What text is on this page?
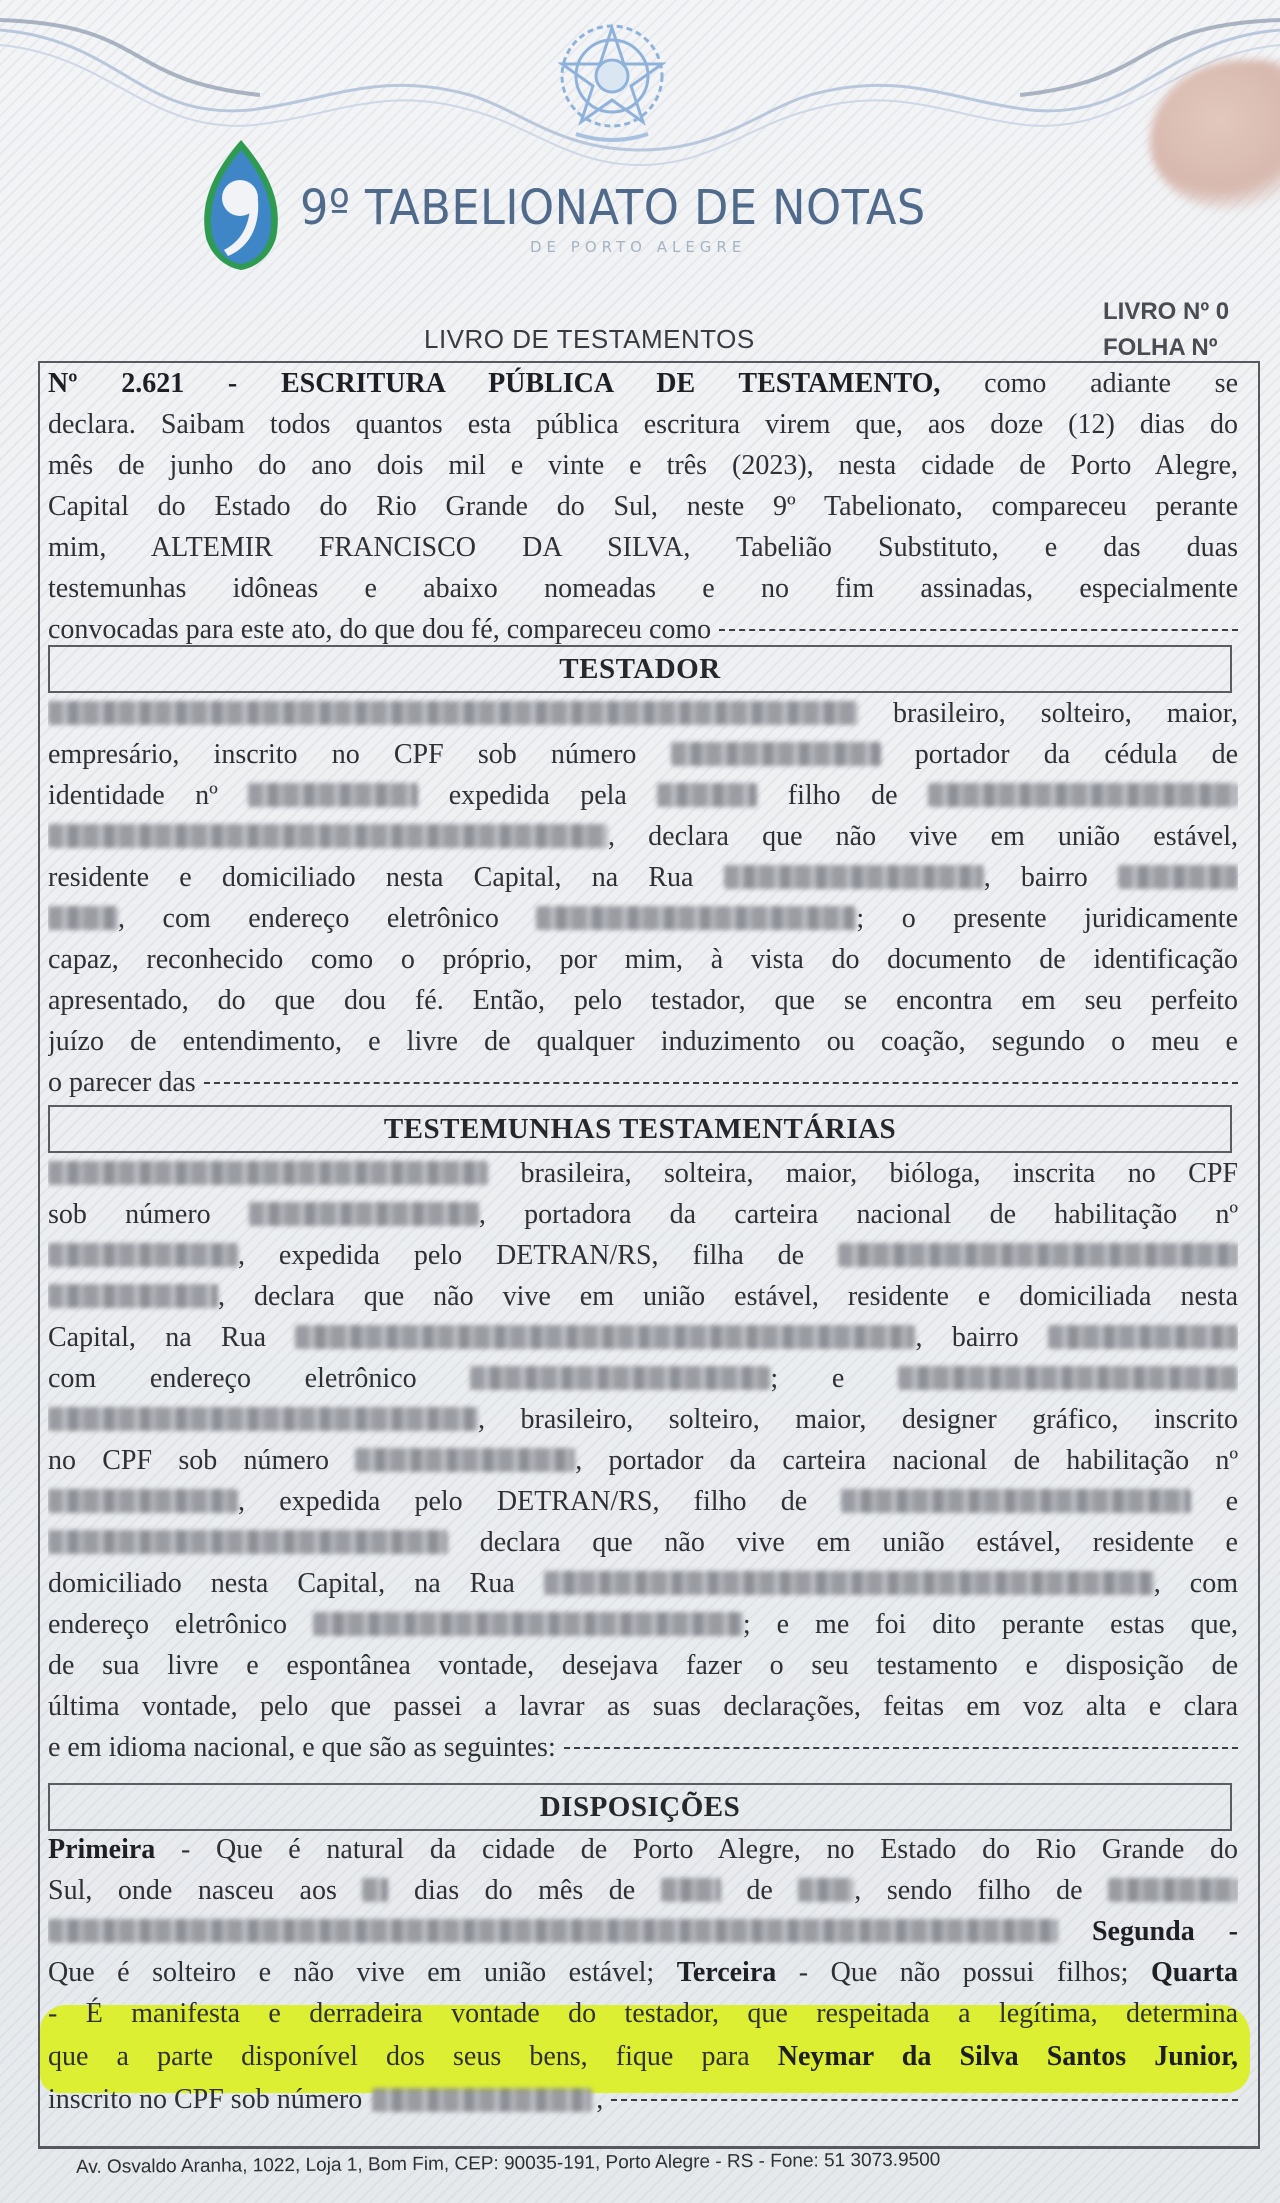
9º TABELIONATO DE NOTAS
DE PORTO ALEGRE
LIVRO DE TESTAMENTOS
LIVRO Nº 0
FOLHA Nº
Nº 2.621 - ESCRITURA PÚBLICA DE TESTAMENTO, como adiante se
declara. Saibam todos quantos esta pública escritura virem que, aos doze (12) dias do
mês de junho do ano dois mil e vinte e três (2023), nesta cidade de Porto Alegre,
Capital do Estado do Rio Grande do Sul, neste 9º Tabelionato, compareceu perante
mim, ALTEMIR FRANCISCO DA SILVA, Tabelião Substituto, e das duas
testemunhas idôneas e abaixo nomeadas e no fim assinadas, especialmente
convocadas para este ato, do que dou fé, compareceu como
TESTADOR
brasileiro, solteiro, maior,
empresário, inscrito no CPF sob número	portador da cédula de
identidade nº	expedida pela	filho de
, declara que não vive em união estável,
residente e domiciliado nesta Capital, na Rua	, bairro
, com endereço eletrônico	; o presente juridicamente
capaz, reconhecido como o próprio, por mim, à vista do documento de identificação
apresentado, do que dou fé. Então, pelo testador, que se encontra em seu perfeito
juízo de entendimento, e livre de qualquer induzimento ou coação, segundo o meu e
o parecer das
TESTEMUNHAS TESTAMENTÁRIAS
brasileira, solteira, maior, bióloga, inscrita no CPF
sob número	, portadora da carteira nacional de habilitação nº
, expedida pelo DETRAN/RS, filha de
, declara que não vive em união estável, residente e domiciliada nesta
Capital, na Rua	, bairro
com endereço eletrônico	; e
, brasileiro, solteiro, maior, designer gráfico, inscrito
no CPF sob número	, portador da carteira nacional de habilitação nº
, expedida pelo DETRAN/RS, filho de	e
declara que não vive em união estável, residente e
domiciliado nesta Capital, na Rua	, com
endereço eletrônico	; e me foi dito perante estas que,
de sua livre e espontânea vontade, desejava fazer o seu testamento e disposição de
última vontade, pelo que passei a lavrar as suas declarações, feitas em voz alta e clara
e em idioma nacional, e que são as seguintes:
DISPOSIÇÕES
Primeira - Que é natural da cidade de Porto Alegre, no Estado do Rio Grande do
Sul, onde nasceu aos	dias do mês de	de	, sendo filho de
Segunda -
Que é solteiro e não vive em união estável; Terceira - Que não possui filhos; Quarta
- É manifesta e derradeira vontade do testador, que respeitada a legítima, determina
que a parte disponível dos seus bens, fique para Neymar da Silva Santos Junior,
inscrito no CPF sob número	,
Av. Osvaldo Aranha, 1022, Loja 1, Bom Fim, CEP: 90035-191, Porto Alegre - RS - Fone: 51 3073.9500
